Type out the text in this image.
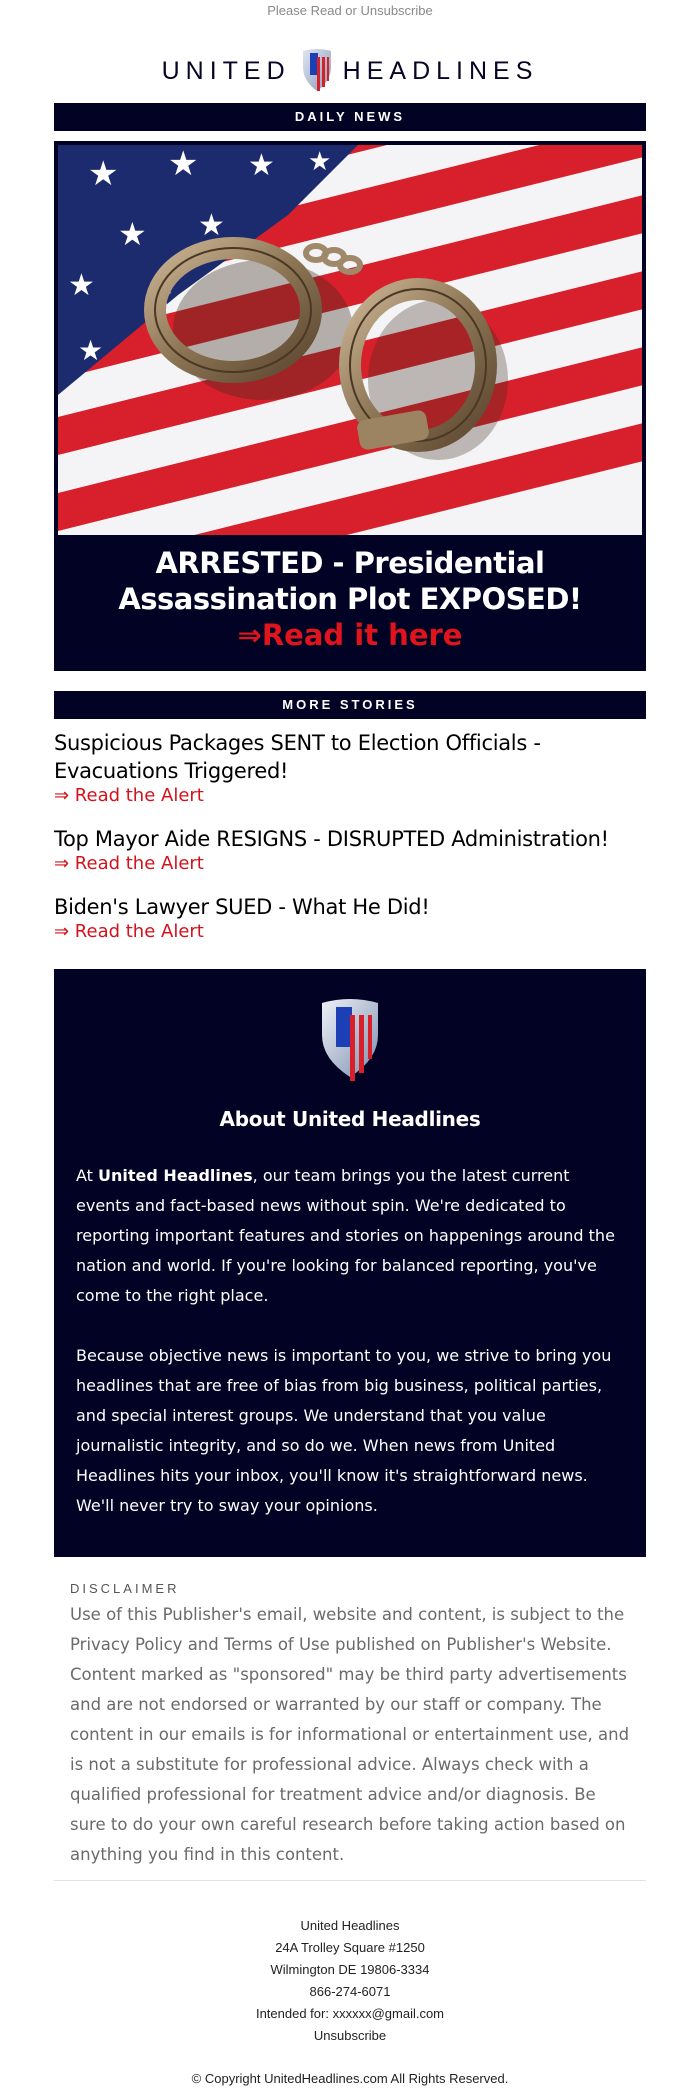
Please Read or Unsubscribe
UNITED HEADLINES
DAILY NEWS
★ ★ ★
★ ★
★ ★
★
★
ARRESTED - Presidential Assassination Plot EXPOSED!
⇒Read it here
MORE STORIES
Suspicious Packages SENT to Election Officials - Evacuations Triggered!
⇒ Read the Alert
Top Mayor Aide RESIGNS - DISRUPTED Administration!
⇒ Read the Alert
Biden's Lawyer SUED - What He Did!
⇒ Read the Alert
About United Headlines

At United Headlines, our team brings you the latest current events and fact-based news without spin. We're dedicated to reporting important features and stories on happenings around the nation and world. If you're looking for balanced reporting, you've come to the right place.

Because objective news is important to you, we strive to bring you headlines that are free of bias from big business, political parties, and special interest groups. We understand that you value journalistic integrity, and so do we. When news from United Headlines hits your inbox, you'll know it's straightforward news. We'll never try to sway your opinions.

DISCLAIMER
Use of this Publisher's email, website and content, is subject to the Privacy Policy and Terms of Use published on Publisher's Website. Content marked as "sponsored" may be third party advertisements and are not endorsed or warranted by our staff or company. The content in our emails is for informational or entertainment use, and is not a substitute for professional advice. Always check with a qualified professional for treatment advice and/or diagnosis. Be sure to do your own careful research before taking action based on anything you find in this content.
United Headlines
24A Trolley Square #1250
Wilmington DE 19806-3334
866-274-6071
Intended for: xxxxxx@gmail.com
Unsubscribe
© Copyright UnitedHeadlines.com All Rights Reserved.
